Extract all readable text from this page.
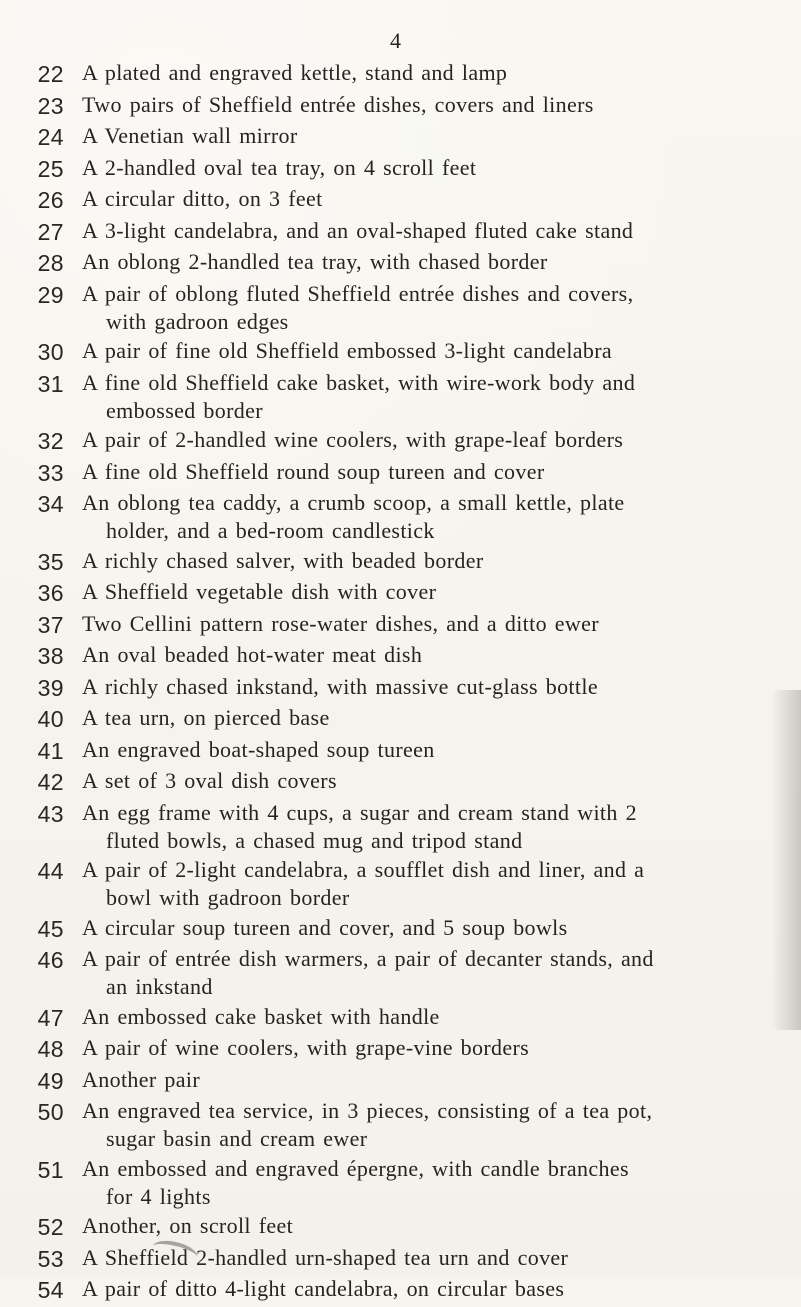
4
22 A plated and engraved kettle, stand and lamp
23 Two pairs of Sheffield entrée dishes, covers and liners
24 A Venetian wall mirror
25 A 2-handled oval tea tray, on 4 scroll feet
26 A circular ditto, on 3 feet
27 A 3-light candelabra, and an oval-shaped fluted cake stand
28 An oblong 2-handled tea tray, with chased border
29 A pair of oblong fluted Sheffield entrée dishes and covers,
with gadroon edges
30 A pair of fine old Sheffield embossed 3-light candelabra
31 A fine old Sheffield cake basket, with wire-work body and
embossed border
32 A pair of 2-handled wine coolers, with grape-leaf borders
33 A fine old Sheffield round soup tureen and cover
34 An oblong tea caddy, a crumb scoop, a small kettle, plate
holder, and a bed-room candlestick
35 A richly chased salver, with beaded border
36 A Sheffield vegetable dish with cover
37 Two Cellini pattern rose-water dishes, and a ditto ewer
38 An oval beaded hot-water meat dish
39 A richly chased inkstand, with massive cut-glass bottle
40 A tea urn, on pierced base
41 An engraved boat-shaped soup tureen
42 A set of 3 oval dish covers
43 An egg frame with 4 cups, a sugar and cream stand with 2
fluted bowls, a chased mug and tripod stand
44 A pair of 2-light candelabra, a soufflet dish and liner, and a
bowl with gadroon border
45 A circular soup tureen and cover, and 5 soup bowls
46 A pair of entrée dish warmers, a pair of decanter stands, and
an inkstand
47 An embossed cake basket with handle
48 A pair of wine coolers, with grape-vine borders
49 Another pair
50 An engraved tea service, in 3 pieces, consisting of a tea pot,
sugar basin and cream ewer
51 An embossed and engraved épergne, with candle branches
for 4 lights
52 Another, on scroll feet
53 A Sheffield 2-handled urn-shaped tea urn and cover
54 A pair of ditto 4-light candelabra, on circular bases
